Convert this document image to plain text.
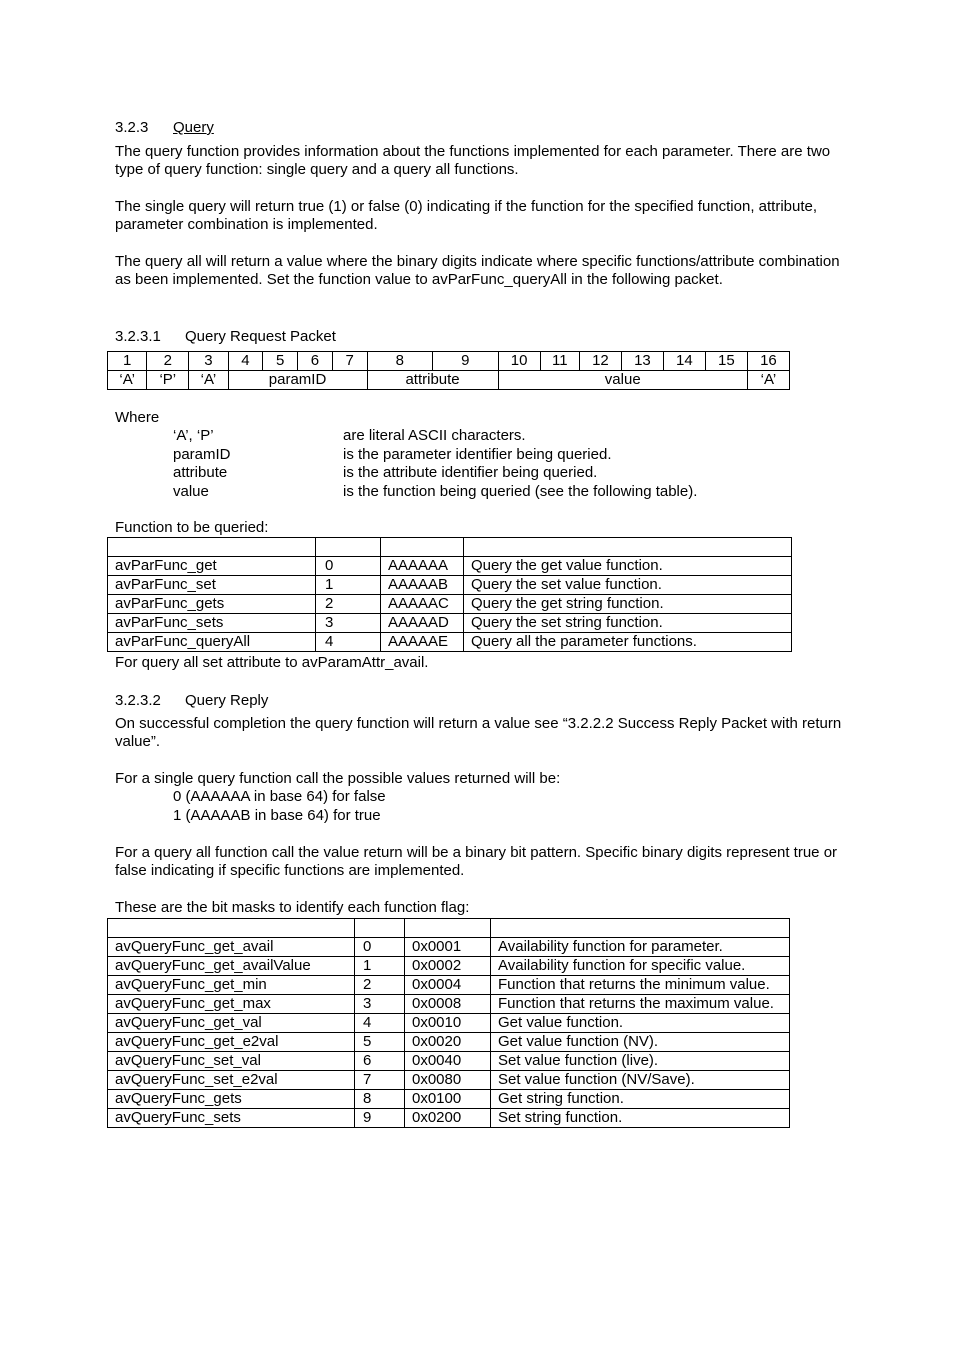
3.2.3 Query

The query function provides information about the functions implemented for each parameter. There are two type of query function: single query and a query all functions.

The single query will return true (1) or false (0) indicating if the function for the specified function, attribute, parameter combination is implemented.

The query all will return a value where the binary digits indicate where specific functions/attribute combination as been implemented. Set the function value to avParFunc_queryAll in the following packet.

3.2.3.1 Query Request Packet

1	2	3	4	5	6	7	8	9	10	11	12	13	14	15	16
‘A’	‘P’	‘A’	paramID				attribute		value						‘A’

Where

‘A’, ‘P’	are literal ASCII characters.

paramID	is the parameter identifier being queried.

attribute	is the attribute identifier being queried.

value	is the function being queried (see the following table).

Function to be queried:

avParFunc_get	0	AAAAAA	Query the get value function.
avParFunc_set	1	AAAAAB	Query the set value function.
avParFunc_gets	2	AAAAAC	Query the get string function.
avParFunc_sets	3	AAAAAD	Query the set string function.
avParFunc_queryAll	4	AAAAAE	Query all the parameter functions.

For query all set attribute to avParamAttr_avail.

3.2.3.2 Query Reply

On successful completion the query function will return a value see “3.2.2.2 Success Reply Packet with return value”.

For a single query function call the possible values returned will be:

0 (AAAAAA in base 64) for false

1 (AAAAAB in base 64) for true

For a query all function call the value return will be a binary bit pattern. Specific binary digits represent true or false indicating if specific functions are implemented.

These are the bit masks to identify each function flag:

avQueryFunc_get_avail	0	0x0001	Availability function for parameter.
avQueryFunc_get_availValue	1	0x0002	Availability function for specific value.
avQueryFunc_get_min	2	0x0004	Function that returns the minimum value.
avQueryFunc_get_max	3	0x0008	Function that returns the maximum value.
avQueryFunc_get_val	4	0x0010	Get value function.
avQueryFunc_get_e2val	5	0x0020	Get value function (NV).
avQueryFunc_set_val	6	0x0040	Set value function (live).
avQueryFunc_set_e2val	7	0x0080	Set value function (NV/Save).
avQueryFunc_gets	8	0x0100	Get string function.
avQueryFunc_sets	9	0x0200	Set string function.
